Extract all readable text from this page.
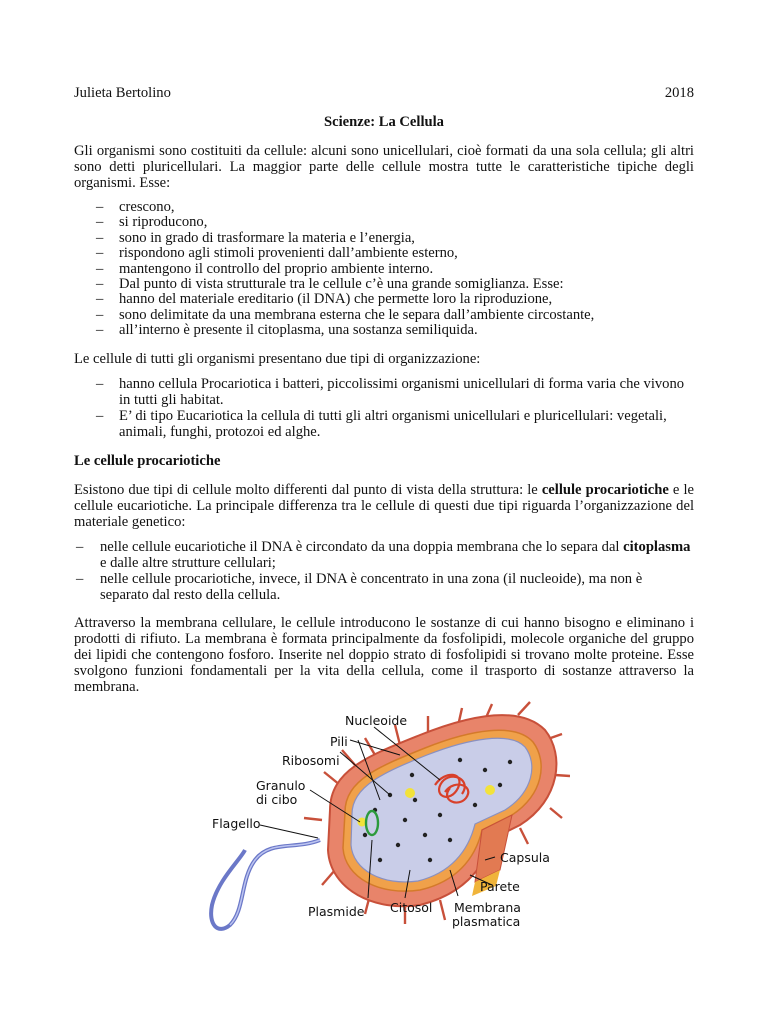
Julieta Bertolino	2018
Scienze: La Cellula

Gli organismi sono costituiti da cellule: alcuni sono unicellulari, cioè formati da una sola cellula; gli altri sono detti pluricellulari. La maggior parte delle cellule mostra tutte le caratteristiche tipiche degli organismi. Esse:

– crescono,
– si riproducono,
– sono in grado di trasformare la materia e l’energia,
– rispondono agli stimoli provenienti dall’ambiente esterno,
– mantengono il controllo del proprio ambiente interno.
– Dal punto di vista strutturale tra le cellule c’è una grande somiglianza. Esse:
– hanno del materiale ereditario (il DNA) che permette loro la riproduzione,
– sono delimitate da una membrana esterna che le separa dall’ambiente circostante,
– all’interno è presente il citoplasma, una sostanza semiliquida.

Le cellule di tutti gli organismi presentano due tipi di organizzazione:

– hanno cellula Procariotica i batteri, piccolissimi organismi unicellulari di forma varia che vivono in tutti gli habitat.
– E’ di tipo Eucariotica la cellula di tutti gli altri organismi unicellulari e pluricellulari: vegetali, animali, funghi, protozoi ed alghe.
Le cellule procariotiche

Esistono due tipi di cellule molto differenti dal punto di vista della struttura: le cellule procariotiche e le cellule eucariotiche. La principale differenza tra le cellule di questi due tipi riguarda l’organizzazione del materiale genetico:

– nelle cellule eucariotiche il DNA è circondato da una doppia membrana che lo separa dal citoplasma e dalle altre strutture cellulari;
– nelle cellule procariotiche, invece, il DNA è concentrato in una zona (il nucleoide), ma non è separato dal resto della cellula.

Attraverso la membrana cellulare, le cellule introducono le sostanze di cui hanno bisogno e eliminano i prodotti di rifiuto. La membrana è formata principalmente da fosfolipidi, molecole organiche del gruppo dei lipidi che contengono fosforo. Inserite nel doppio strato di fosfolipidi si trovano molte proteine. Esse svolgono funzioni fondamentali per la vita della cellula, come il trasporto di sostanze attraverso la membrana.

Nucleoide
Pili
Ribosomi
Granulo
di cibo
Flagello
Capsula
Parete
Plasmide Citosol Membrana
plasmatica
